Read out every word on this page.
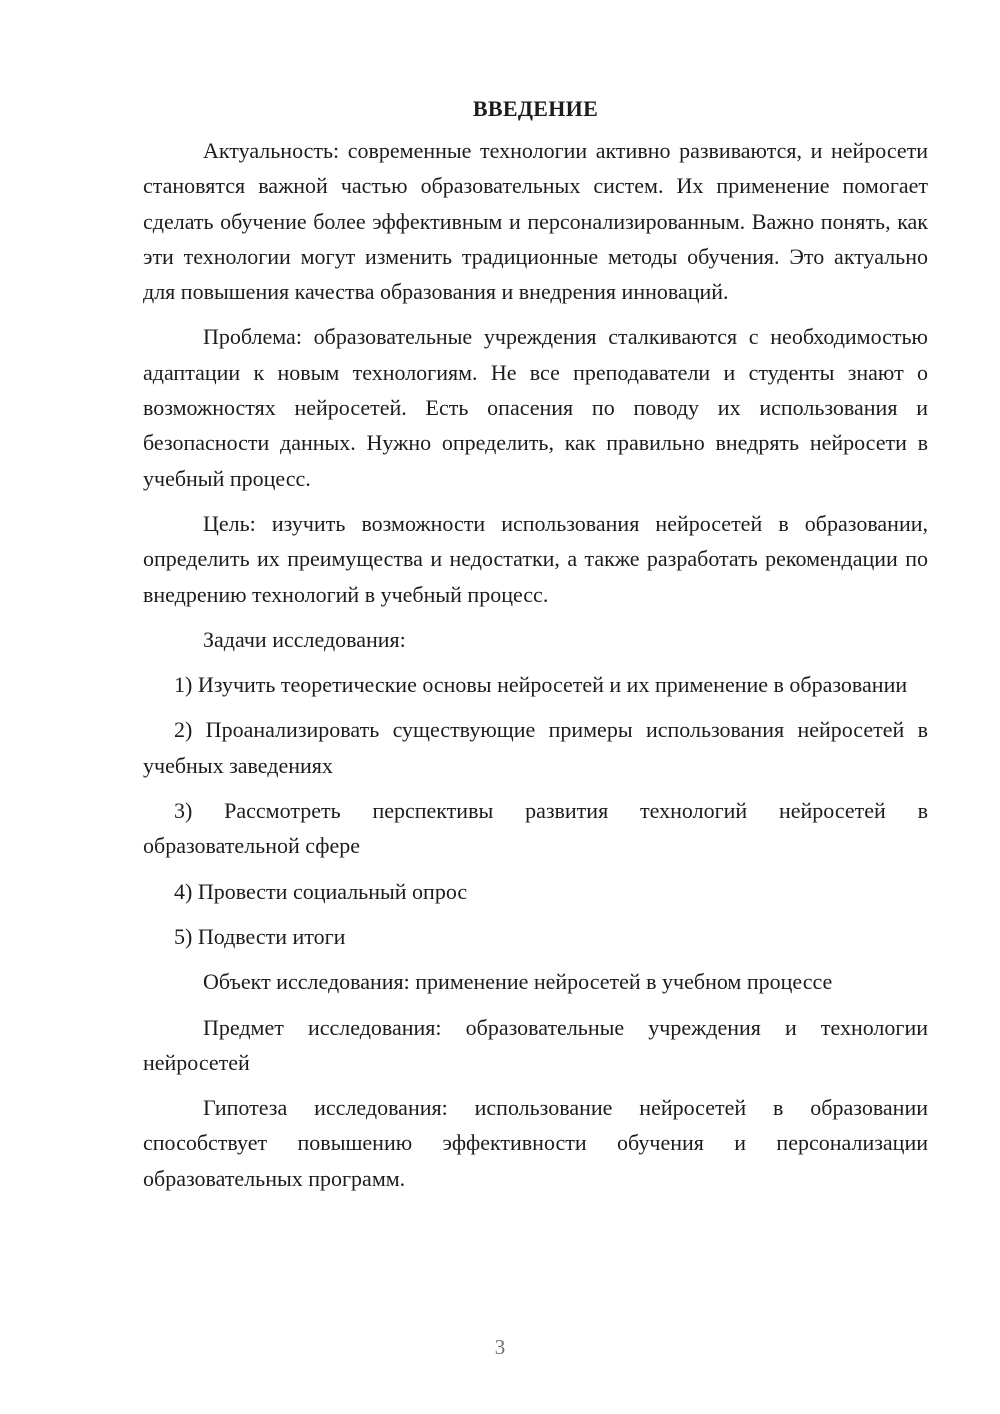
ВВЕДЕНИЕ

Актуальность: современные технологии активно развиваются, и нейросети становятся важной частью образовательных систем. Их применение помогает сделать обучение более эффективным и персонализированным. Важно понять, как эти технологии могут изменить традиционные методы обучения. Это актуально для повышения качества образования и внедрения инноваций.

Проблема: образовательные учреждения сталкиваются с необходимостью адаптации к новым технологиям. Не все преподаватели и студенты знают о возможностях нейросетей. Есть опасения по поводу их использования и безопасности данных. Нужно определить, как правильно внедрять нейросети в учебный процесс.

Цель: изучить возможности использования нейросетей в образовании, определить их преимущества и недостатки, а также разработать рекомендации по внедрению технологий в учебный процесс.

Задачи исследования:

1) Изучить теоретические основы нейросетей и их применение в образовании

2) Проанализировать существующие примеры использования нейросетей в учебных заведениях

3) Рассмотреть перспективы развития технологий нейросетей в образовательной сфере

4) Провести социальный опрос

5) Подвести итоги

Объект исследования: применение нейросетей в учебном процессе

Предмет исследования: образовательные учреждения и технологии нейросетей

Гипотеза исследования: использование нейросетей в образовании способствует повышению эффективности обучения и персонализации образовательных программ.

3
